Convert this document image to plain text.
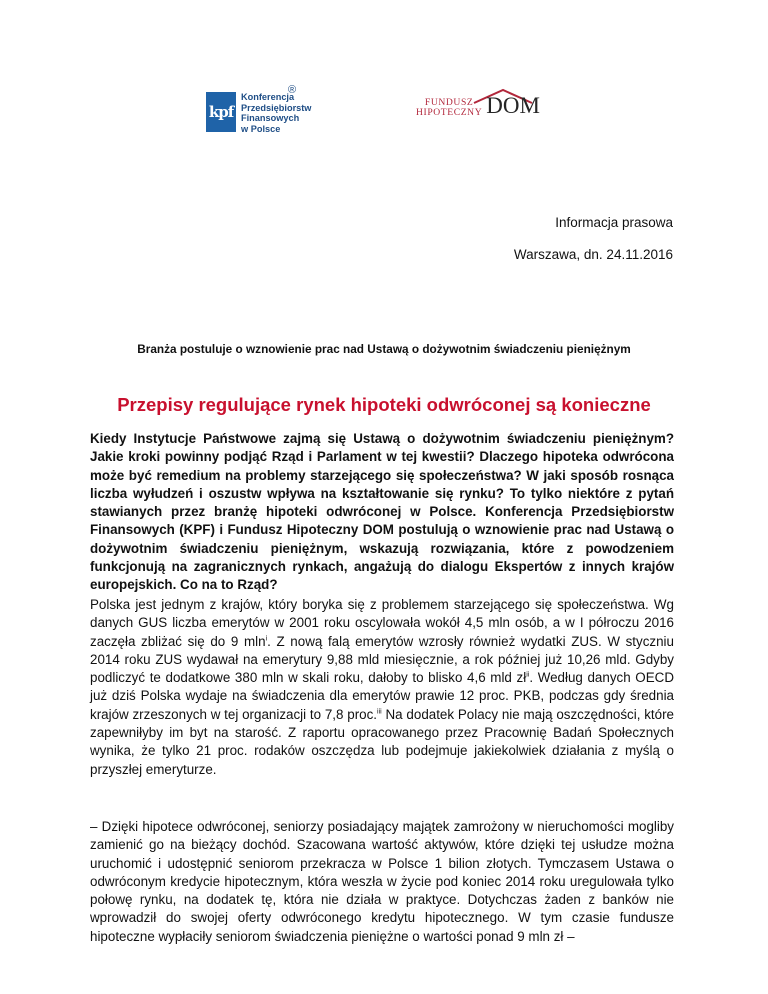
kpf
Konferencja
Przedsiębiorstw
Finansowych
w Polsce
®
FUNDUSZ
HIPOTECZNY DOM
Informacja prasowa
Warszawa, dn. 24.11.2016
Branża postuluje o wznowienie prac nad Ustawą o dożywotnim świadczeniu pieniężnym
Przepisy regulujące rynek hipoteki odwróconej są konieczne

Kiedy Instytucje Państwowe zajmą się Ustawą o dożywotnim świadczeniu pieniężnym? Jakie kroki powinny podjąć Rząd i Parlament w tej kwestii? Dlaczego hipoteka odwrócona może być remedium na problemy starzejącego się społeczeństwa? W jaki sposób rosnąca liczba wyłudzeń i oszustw wpływa na kształtowanie się rynku? To tylko niektóre z pytań stawianych przez branżę hipoteki odwróconej w Polsce. Konferencja Przedsiębiorstw Finansowych (KPF) i Fundusz Hipoteczny DOM postulują o wznowienie prac nad Ustawą o dożywotnim świadczeniu pieniężnym, wskazują rozwiązania, które z powodzeniem funkcjonują na zagranicznych rynkach, angażują do dialogu Ekspertów z innych krajów europejskich. Co na to Rząd?

Polska jest jednym z krajów, który boryka się z problemem starzejącego się społeczeństwa. Wg danych GUS liczba emerytów w 2001 roku oscylowała wokół 4,5 mln osób, a w I półroczu 2016 zaczęła zbliżać się do 9 mln$^i$. Z nową falą emerytów wzrosły również wydatki ZUS. W styczniu 2014 roku ZUS wydawał na emerytury 9,88 mld miesięcznie, a rok później już 10,26 mld. Gdyby podliczyć te dodatkowe 380 mln w skali roku, dałoby to blisko 4,6 mld $zł^{ii}$. Według danych OECD już dziś Polska wydaje na świadczenia dla emerytów prawie 12 proc. PKB, podczas gdy średnia krajów zrzeszonych w tej organizacji to 7,8 proc.$^{iii}$ Na dodatek Polacy nie mają oszczędności, które zapewniłyby im byt na starość. Z raportu opracowanego przez Pracownię Badań Społecznych wynika, że tylko 21 proc. rodaków oszczędza lub podejmuje jakiekolwiek działania z myślą o przyszłej emeryturze.

– Dzięki hipotece odwróconej, seniorzy posiadający majątek zamrożony w nieruchomości mogliby zamienić go na bieżący dochód. Szacowana wartość aktywów, które dzięki tej usłudze można uruchomić i udostępnić seniorom przekracza w Polsce 1 bilion złotych. Tymczasem Ustawa o odwróconym kredycie hipotecznym, która weszła w życie pod koniec 2014 roku uregulowała tylko połowę rynku, na dodatek tę, która nie działa w praktyce. Dotychczas żaden z banków nie wprowadził do swojej oferty odwróconego kredytu hipotecznego. W tym czasie fundusze hipoteczne wypłaciły seniorom świadczenia pieniężne o wartości ponad 9 mln zł –
